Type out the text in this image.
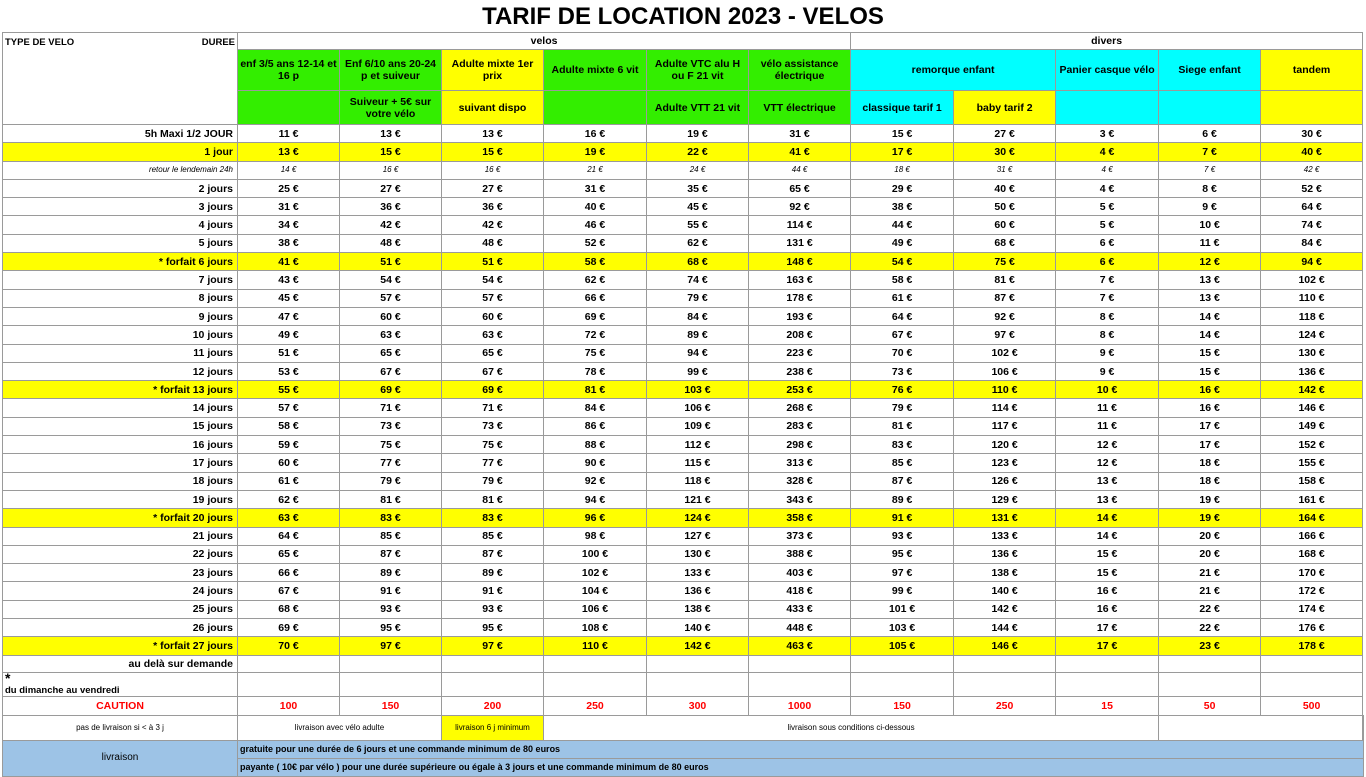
TARIF DE LOCATION 2023 - VELOS
TYPE DE VELO DUREE	velos						divers					
	enf 3/5 ans 12-14 et 16 p	Enf 6/10 ans 20-24 p et suiveur	Adulte mixte 1er prix	Adulte mixte 6 vit	Adulte VTC alu H ou F 21 vit	vélo assistance électrique	remorque enfant		Panier casque vélo	Siege enfant	tandem	
		Suiveur + 5€ sur votre vélo	suivant dispo		Adulte VTT 21 vit	VTT électrique	classique tarif 1	baby tarif 2				
5h Maxi 1/2 JOUR	11 €	13 €	13 €	16 €	19 €	31 €	15 €	27 €	3 €	6 €	30 €	
1 jour	13 €	15 €	15 €	19 €	22 €	41 €	17 €	30 €	4 €	7 €	40 €	
retour le lendemain 24h	14 €	16 €	16 €	21 €	24 €	44 €	18 €	31 €	4 €	7 €	42 €	
2 jours	25 €	27 €	27 €	31 €	35 €	65 €	29 €	40 €	4 €	8 €	52 €	
3 jours	31 €	36 €	36 €	40 €	45 €	92 €	38 €	50 €	5 €	9 €	64 €	
4 jours	34 €	42 €	42 €	46 €	55 €	114 €	44 €	60 €	5 €	10 €	74 €	
5 jours	38 €	48 €	48 €	52 €	62 €	131 €	49 €	68 €	6 €	11 €	84 €	
* forfait 6 jours	41 €	51 €	51 €	58 €	68 €	148 €	54 €	75 €	6 €	12 €	94 €	
7 jours	43 €	54 €	54 €	62 €	74 €	163 €	58 €	81 €	7 €	13 €	102 €	
8 jours	45 €	57 €	57 €	66 €	79 €	178 €	61 €	87 €	7 €	13 €	110 €	
9 jours	47 €	60 €	60 €	69 €	84 €	193 €	64 €	92 €	8 €	14 €	118 €	
10 jours	49 €	63 €	63 €	72 €	89 €	208 €	67 €	97 €	8 €	14 €	124 €	
11 jours	51 €	65 €	65 €	75 €	94 €	223 €	70 €	102 €	9 €	15 €	130 €	
12 jours	53 €	67 €	67 €	78 €	99 €	238 €	73 €	106 €	9 €	15 €	136 €	
* forfait 13 jours	55 €	69 €	69 €	81 €	103 €	253 €	76 €	110 €	10 €	16 €	142 €	
14 jours	57 €	71 €	71 €	84 €	106 €	268 €	79 €	114 €	11 €	16 €	146 €	
15 jours	58 €	73 €	73 €	86 €	109 €	283 €	81 €	117 €	11 €	17 €	149 €	
16 jours	59 €	75 €	75 €	88 €	112 €	298 €	83 €	120 €	12 €	17 €	152 €	
17 jours	60 €	77 €	77 €	90 €	115 €	313 €	85 €	123 €	12 €	18 €	155 €	
18 jours	61 €	79 €	79 €	92 €	118 €	328 €	87 €	126 €	13 €	18 €	158 €	
19 jours	62 €	81 €	81 €	94 €	121 €	343 €	89 €	129 €	13 €	19 €	161 €	
* forfait 20 jours	63 €	83 €	83 €	96 €	124 €	358 €	91 €	131 €	14 €	19 €	164 €	
21 jours	64 €	85 €	85 €	98 €	127 €	373 €	93 €	133 €	14 €	20 €	166 €	
22 jours	65 €	87 €	87 €	100 €	130 €	388 €	95 €	136 €	15 €	20 €	168 €	
23 jours	66 €	89 €	89 €	102 €	133 €	403 €	97 €	138 €	15 €	21 €	170 €	
24 jours	67 €	91 €	91 €	104 €	136 €	418 €	99 €	140 €	16 €	21 €	172 €	
25 jours	68 €	93 €	93 €	106 €	138 €	433 €	101 €	142 €	16 €	22 €	174 €	
26 jours	69 €	95 €	95 €	108 €	140 €	448 €	103 €	144 €	17 €	22 €	176 €	
* forfait 27 jours	70 €	97 €	97 €	110 €	142 €	463 €	105 €	146 €	17 €	23 €	178 €	
au delà sur demande												
*
du dimanche au vendredi												
CAUTION	100	150	200	250	300	1000	150	250	15	50	500	
pas de livraison si < à 3 j	livraison avec vélo adulte		livraison 6 j minimum	livraison sous conditions ci-dessous		
livraison	gratuite pour une durée de 6 jours et une commande minimum de 80 euros											
	payante ( 10€ par vélo ) pour une durée supérieure ou égale à 3 jours et une commande minimum de 80 euros											
